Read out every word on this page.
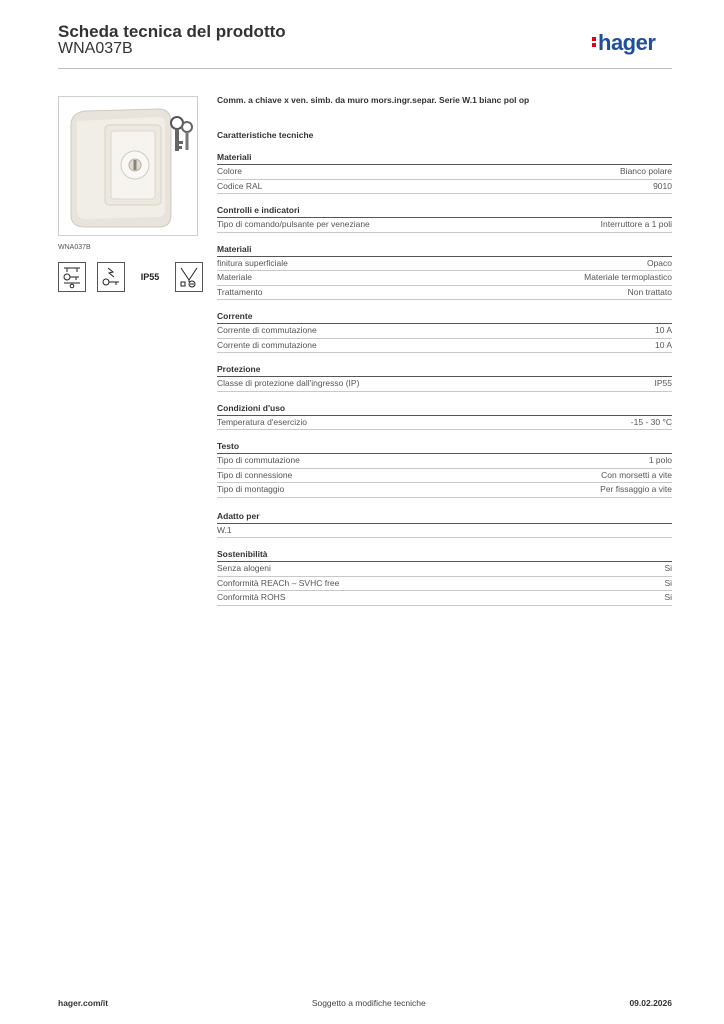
Scheda tecnica del prodotto
WNA037B	hager
WNA037B
IP55
Comm. a chiave x ven. simb. da muro mors.ingr.separ. Serie W.1 bianc pol op
Caratteristiche tecniche
Materiali
Colore	Bianco polare
Codice RAL	9010
Controlli e indicatori
Tipo di comando/pulsante per veneziane	Interruttore a 1 poli
Materiali
finitura superficiale	Opaco
Materiale	Materiale termoplastico
Trattamento	Non trattato
Corrente
Corrente di commutazione	10 A
Corrente di commutazione	10 A
Protezione
Classe di protezione dall'ingresso (IP)	IP55
Condizioni d'uso
Temperatura d'esercizio	-15 - 30 °C
Testo
Tipo di commutazione	1 polo
Tipo di connessione	Con morsetti a vite
Tipo di montaggio	Per fissaggio a vite
Adatto per
W.1
Sostenibilità
Senza alogeni	Si
Conformità REACh – SVHC free	Si
Conformità ROHS	Si
hager.com/it	Soggetto a modifiche tecniche	09.02.2026
